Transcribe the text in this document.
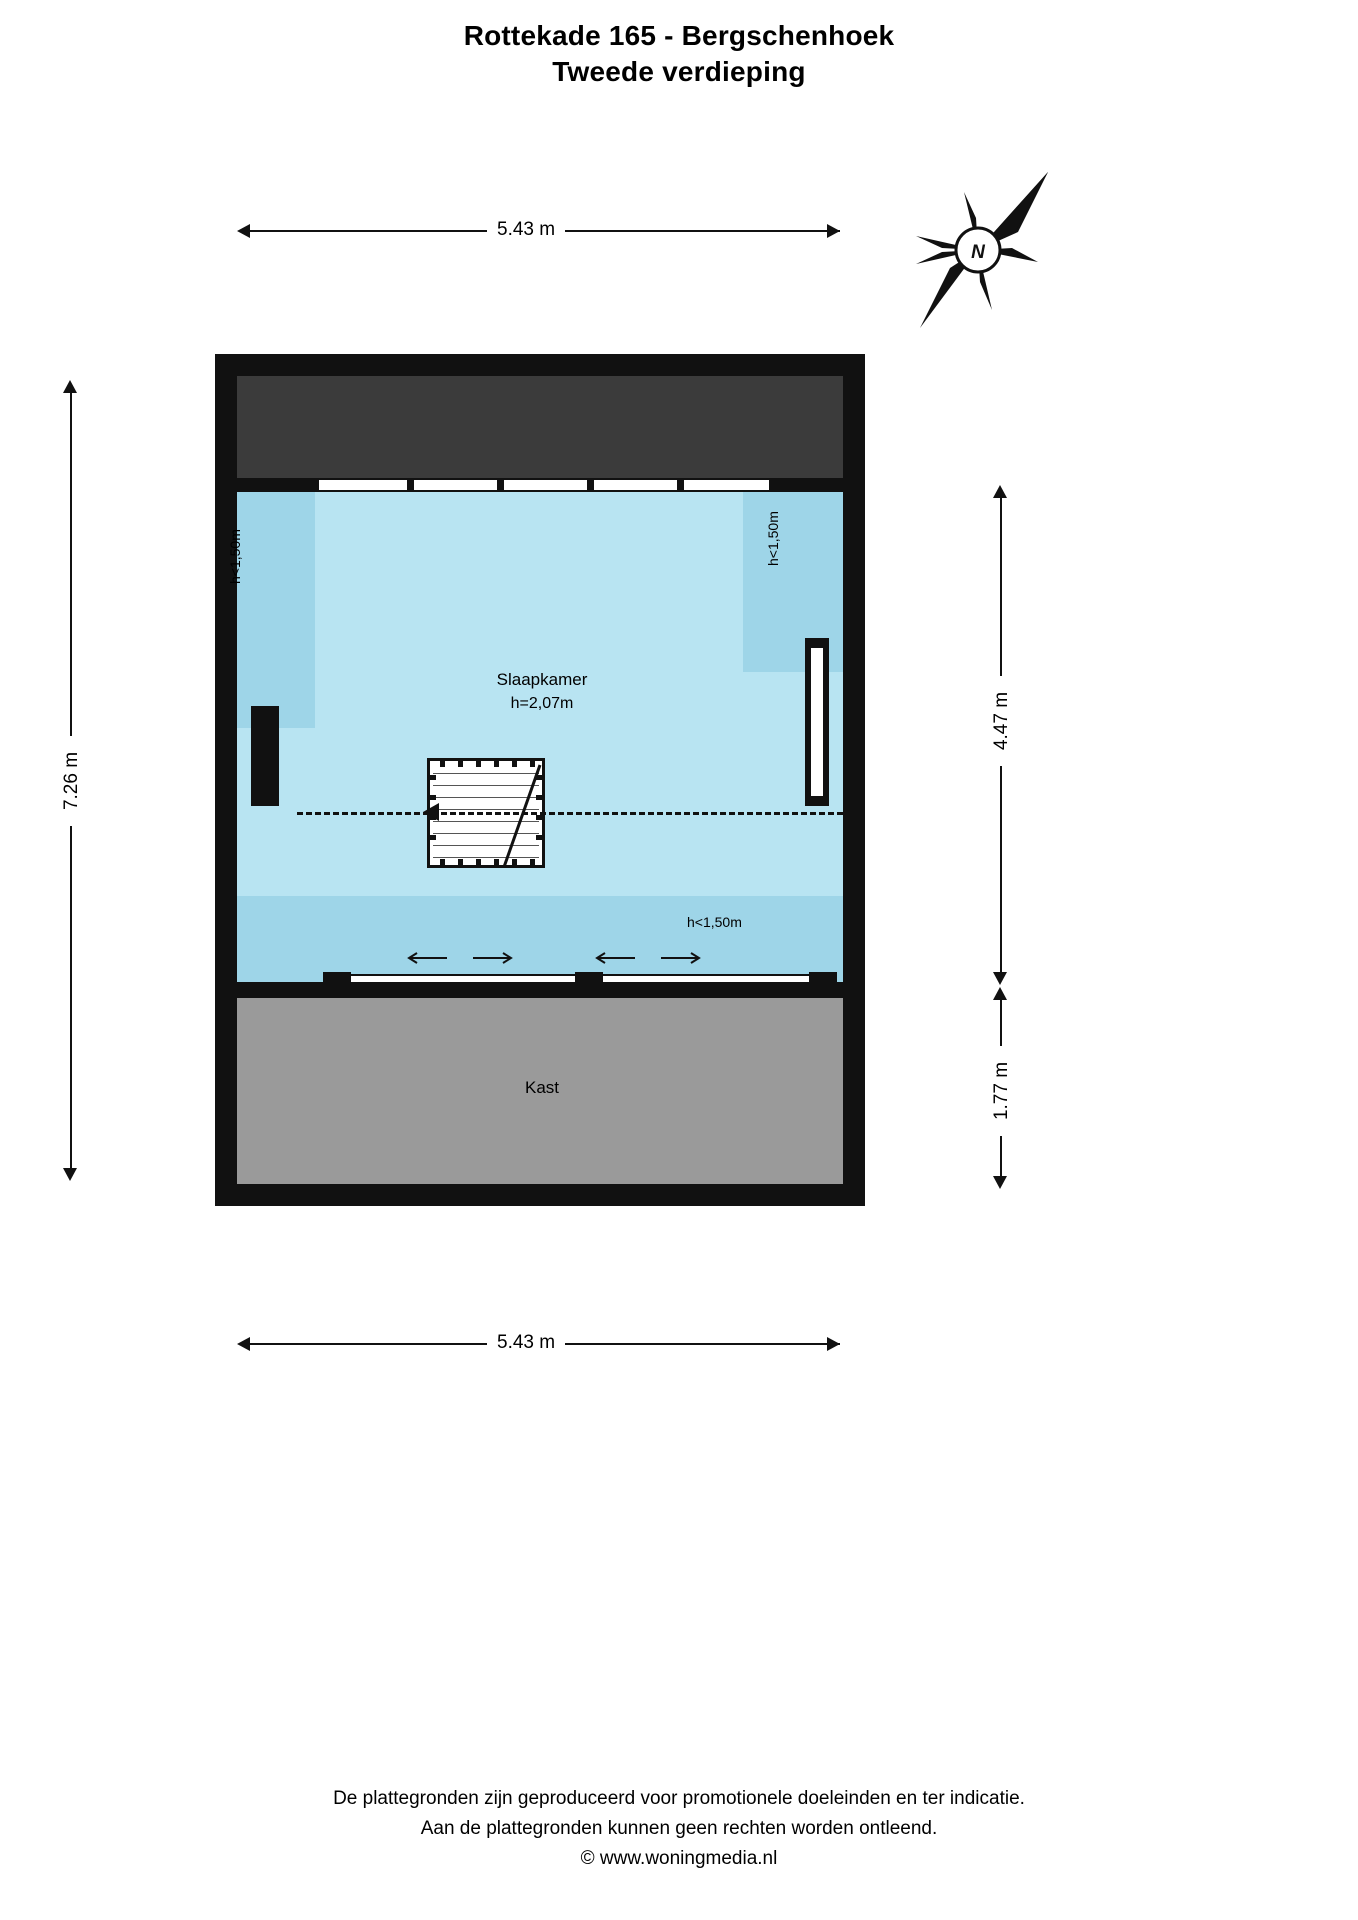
Rottekade 165 - Bergschenhoek
Tweede verdieping
5.43 m
7.26 m
4.47 m
1.77 m
5.43 m
N
Slaapkamer
h=2,07m
Kast
h<1,50m	h<1,50m
h<1,50m
De plattegronden zijn geproduceerd voor promotionele doeleinden en ter indicatie.
Aan de plattegronden kunnen geen rechten worden ontleend.
© www.woningmedia.nl
